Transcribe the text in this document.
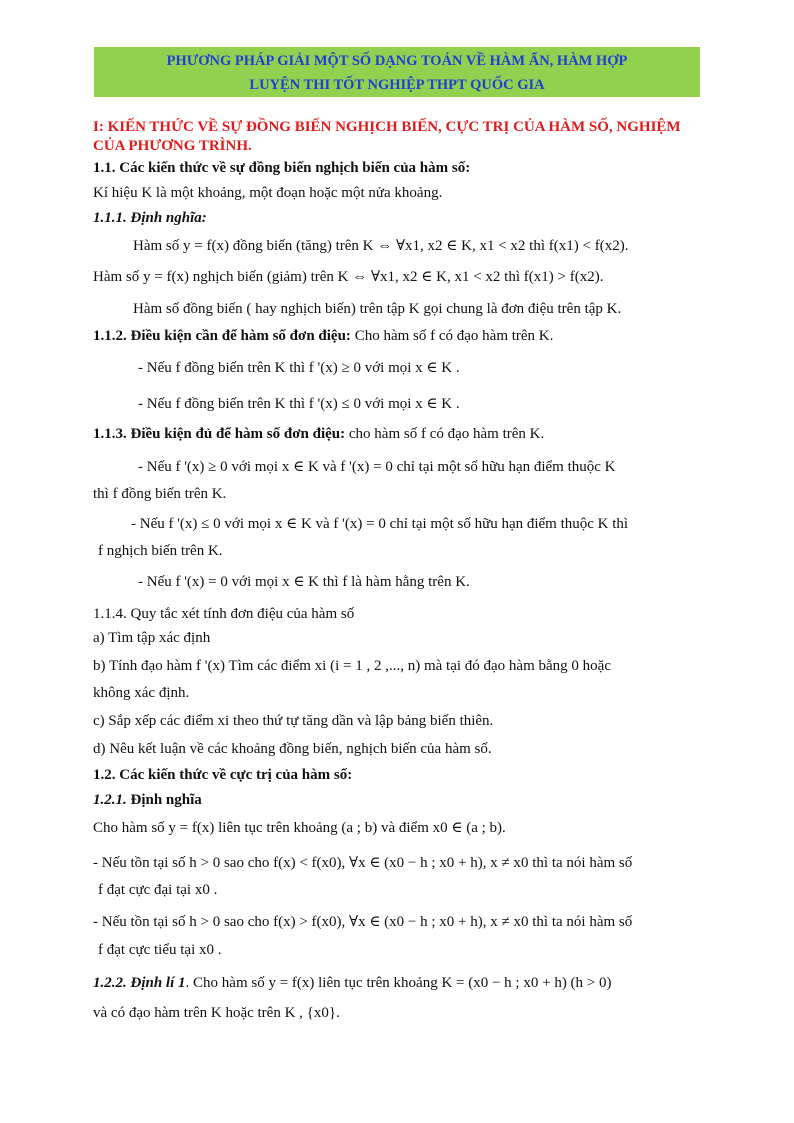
PHƯƠNG PHÁP GIẢI MỘT SỐ DẠNG TOÁN VỀ HÀM ẨN, HÀM HỢP
LUYỆN THI TỐT NGHIỆP THPT QUỐC GIA
I: KIẾN THỨC VỀ SỰ ĐỒNG BIẾN NGHỊCH BIẾN, CỰC TRỊ CỦA HÀM SỐ, NGHIỆM CỦA PHƯƠNG TRÌNH.
1.1. Các kiến thức về sự đồng biến nghịch biến của hàm số:
Kí hiệu K là một khoảng, một đoạn hoặc một nửa khoảng.
1.1.1. Định nghĩa:
Hàm số y = f(x) đồng biến (tăng) trên K ⇔ ∀x1, x2 ∈ K, x1 < x2 thì f(x1) < f(x2).
Hàm số y = f(x) nghịch biến (giảm) trên K ⇔ ∀x1, x2 ∈ K, x1 < x2 thì f(x1) > f(x2).
Hàm số đồng biến ( hay nghịch biến) trên tập K gọi chung là đơn điệu trên tập K.
1.1.2. Điều kiện cần để hàm số đơn điệu: Cho hàm số f có đạo hàm trên K.
- Nếu f đồng biến trên K thì f '(x) ≥ 0 với mọi x ∈ K .
- Nếu f đồng biến trên K thì f '(x) ≤ 0 với mọi x ∈ K .
1.1.3. Điều kiện đủ để hàm số đơn điệu: cho hàm số f có đạo hàm trên K.
- Nếu f '(x) ≥ 0 với mọi x ∈ K và f '(x) = 0 chỉ tại một số hữu hạn điểm thuộc K
thì f đồng biến trên K.
- Nếu f '(x) ≤ 0 với mọi x ∈ K và f '(x) = 0 chỉ tại một số hữu hạn điểm thuộc K thì
f nghịch biến trên K.
- Nếu f '(x) = 0 với mọi x ∈ K thì f là hàm hằng trên K.
1.1.4. Quy tắc xét tính đơn điệu của hàm số
a) Tìm tập xác định
b) Tính đạo hàm f '(x) Tìm các điểm xi (i = 1 , 2 ,..., n) mà tại đó đạo hàm bằng 0 hoặc
không xác định.
c) Sắp xếp các điểm xi theo thứ tự tăng dần và lập bảng biến thiên.
d) Nêu kết luận về các khoảng đồng biến, nghịch biến của hàm số.
1.2. Các kiến thức về cực trị của hàm số:
1.2.1. Định nghĩa
Cho hàm số y = f(x) liên tục trên khoảng (a ; b) và điểm x0 ∈ (a ; b).
- Nếu tồn tại số h > 0 sao cho f(x) < f(x0), ∀x ∈ (x0 − h ; x0 + h), x ≠ x0 thì ta nói hàm số
f đạt cực đại tại x0 .
- Nếu tồn tại số h > 0 sao cho f(x) > f(x0), ∀x ∈ (x0 − h ; x0 + h), x ≠ x0 thì ta nói hàm số
f đạt cực tiểu tại x0 .
1.2.2. Định lí 1. Cho hàm số y = f(x) liên tục trên khoảng K = (x0 − h ; x0 + h) (h > 0)
và có đạo hàm trên K hoặc trên K , {x0}.
